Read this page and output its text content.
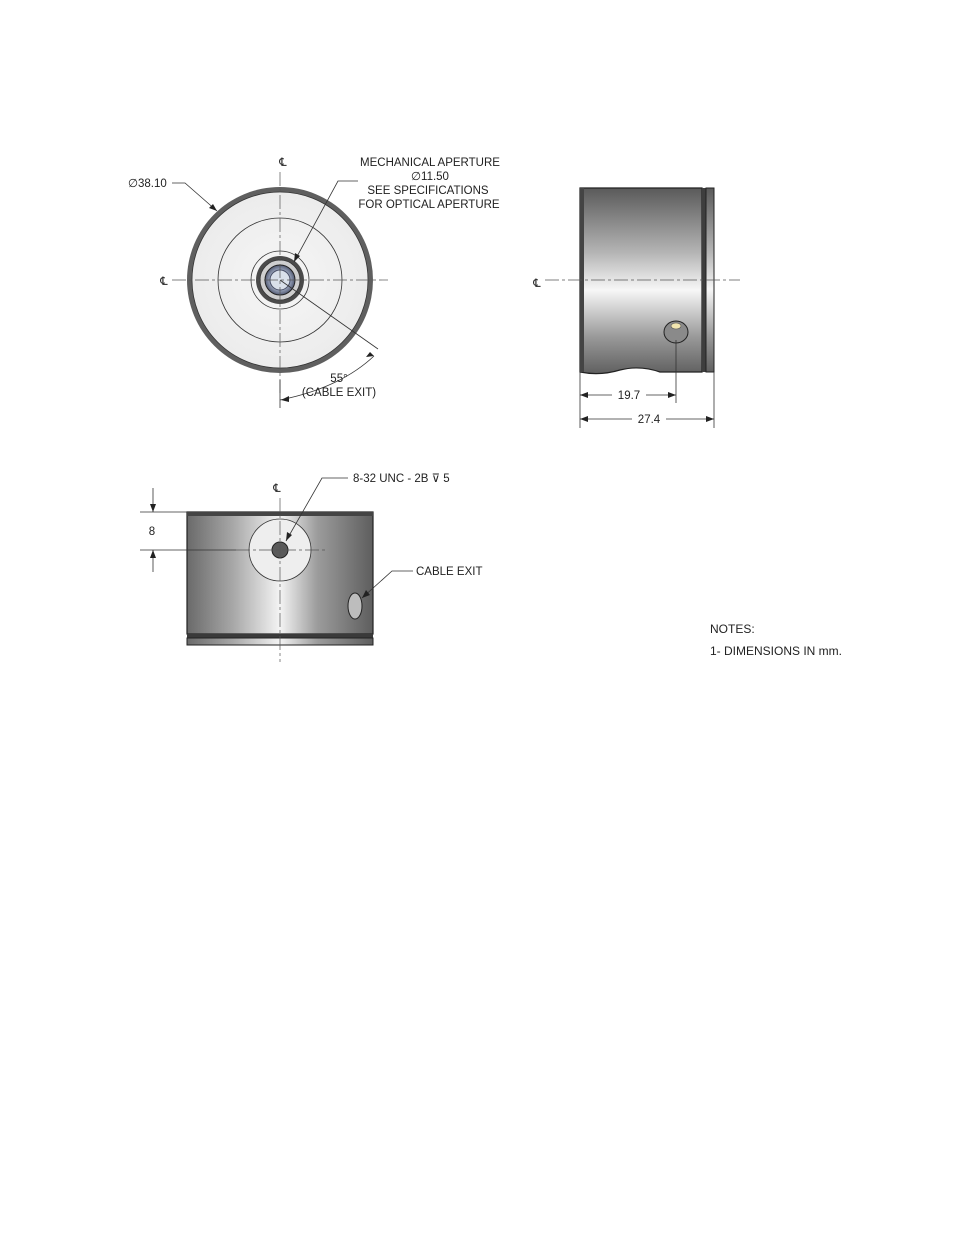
℄
℄
∅38.10
MECHANICAL APERTURE
∅11.50
SEE SPECIFICATIONS
FOR OPTICAL APERTURE
55°
(CABLE EXIT)
℄
19.7
27.4
℄
8-32 UNC - 2B ⊽ 5
8
CABLE EXIT
NOTES:
1- DIMENSIONS IN mm.
